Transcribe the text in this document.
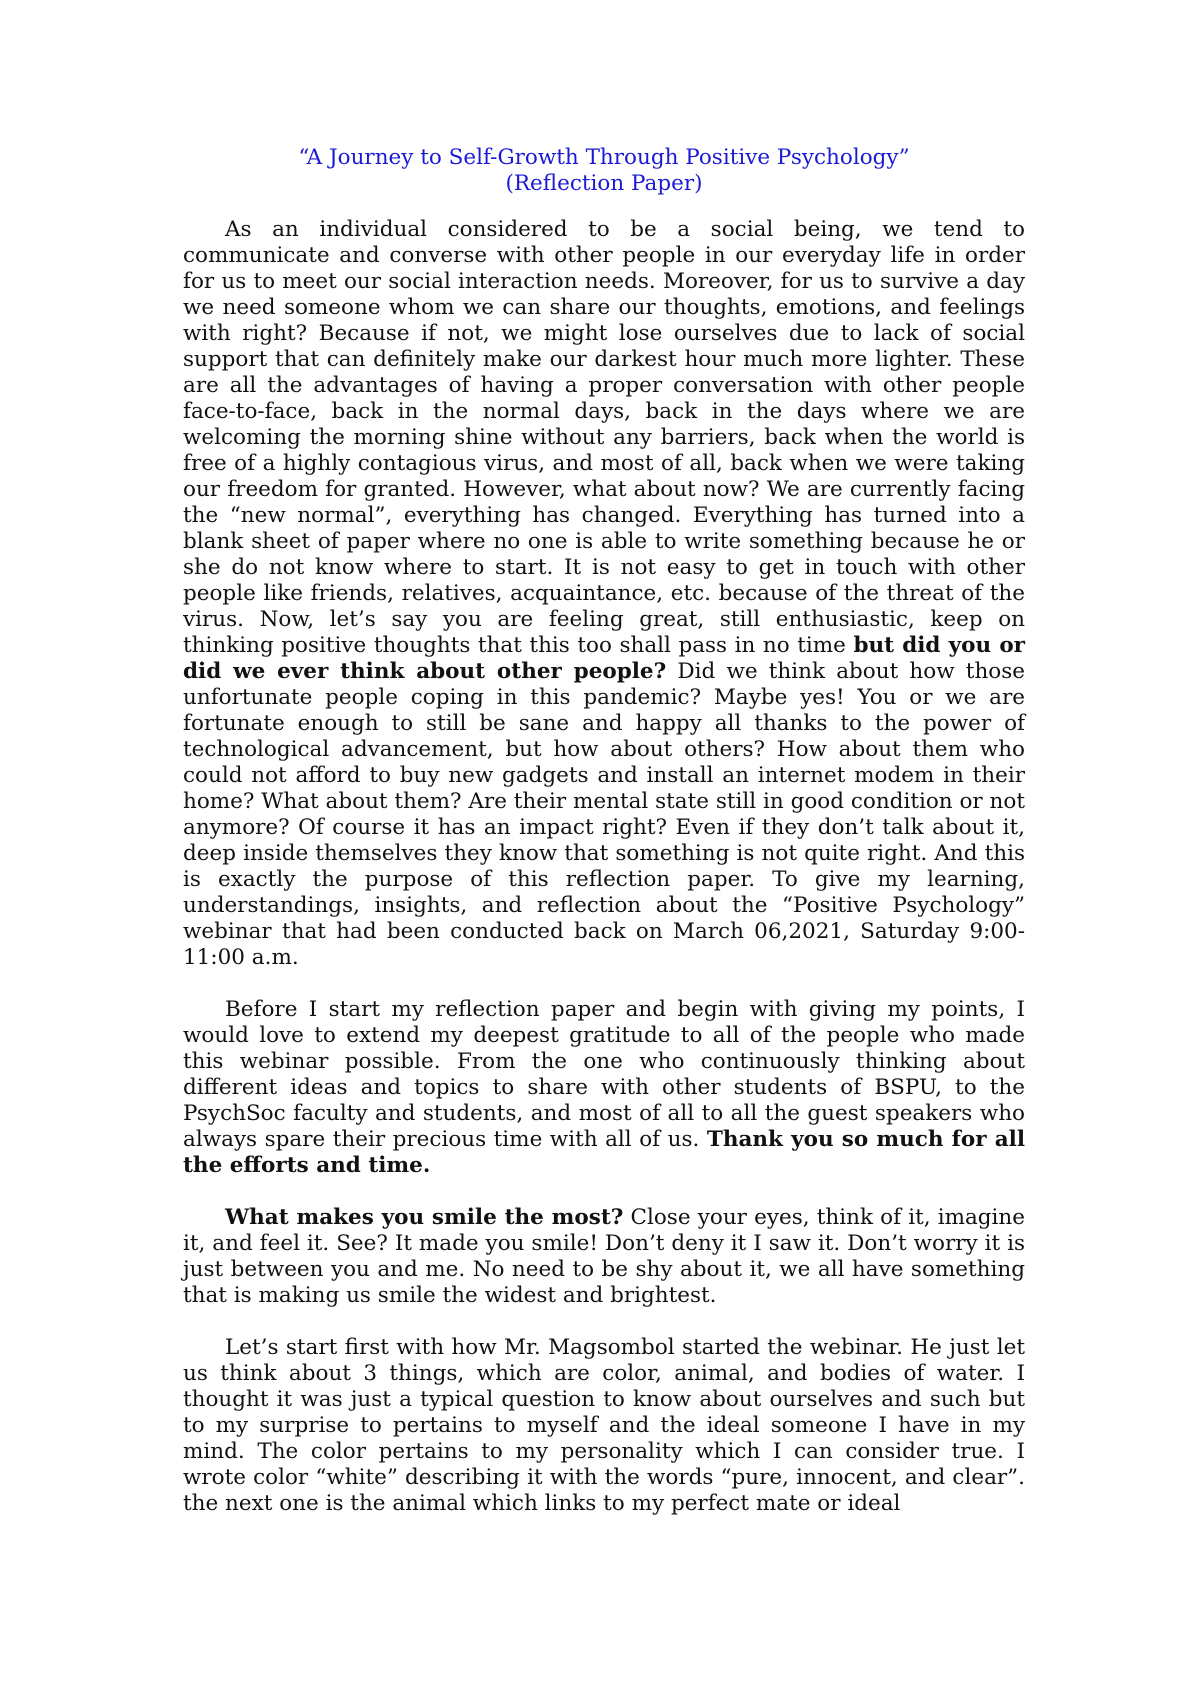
“A Journey to Self-Growth Through Positive Psychology”
(Reflection Paper)

As an individual considered to be a social being, we tend to communicate and converse with other people in our everyday life in order for us to meet our social interaction needs. Moreover, for us to survive a day we need someone whom we can share our thoughts, emotions, and feelings with right? Because if not, we might lose ourselves due to lack of social support that can definitely make our darkest hour much more lighter. These are all the advantages of having a proper conversation with other people face-to-face, back in the normal days, back in the days where we are welcoming the morning shine without any barriers, back when the world is free of a highly contagious virus, and most of all, back when we were taking our freedom for granted. However, what about now? We are currently facing the “new normal”, everything has changed. Everything has turned into a blank sheet of paper where no one is able to write something because he or she do not know where to start. It is not easy to get in touch with other people like friends, relatives, acquaintance, etc. because of the threat of the virus. Now, let’s say you are feeling great, still enthusiastic, keep on thinking positive thoughts that this too shall pass in no time but did you or did we ever think about other people? Did we think about how those unfortunate people coping in this pandemic? Maybe yes! You or we are fortunate enough to still be sane and happy all thanks to the power of technological advancement, but how about others? How about them who could not afford to buy new gadgets and install an internet modem in their home? What about them? Are their mental state still in good condition or not anymore? Of course it has an impact right? Even if they don’t talk about it, deep inside themselves they know that something is not quite right. And this is exactly the purpose of this reflection paper. To give my learning, understandings, insights, and reflection about the “Positive Psychology” webinar that had been conducted back on March 06,2021, Saturday 9:00-11:00 a.m.

Before I start my reflection paper and begin with giving my points, I would love to extend my deepest gratitude to all of the people who made this webinar possible. From the one who continuously thinking about different ideas and topics to share with other students of BSPU, to the PsychSoc faculty and students, and most of all to all the guest speakers who always spare their precious time with all of us. Thank you so much for all the efforts and time.

What makes you smile the most? Close your eyes, think of it, imagine it, and feel it. See? It made you smile! Don’t deny it I saw it. Don’t worry it is just between you and me. No need to be shy about it, we all have something that is making us smile the widest and brightest.

Let’s start first with how Mr. Magsombol started the webinar. He just let us think about 3 things, which are color, animal, and bodies of water. I thought it was just a typical question to know about ourselves and such but to my surprise to pertains to myself and the ideal someone I have in my mind. The color pertains to my personality which I can consider true. I wrote color “white” describing it with the words “pure, innocent, and clear”. the next one is the animal which links to my perfect mate or ideal
